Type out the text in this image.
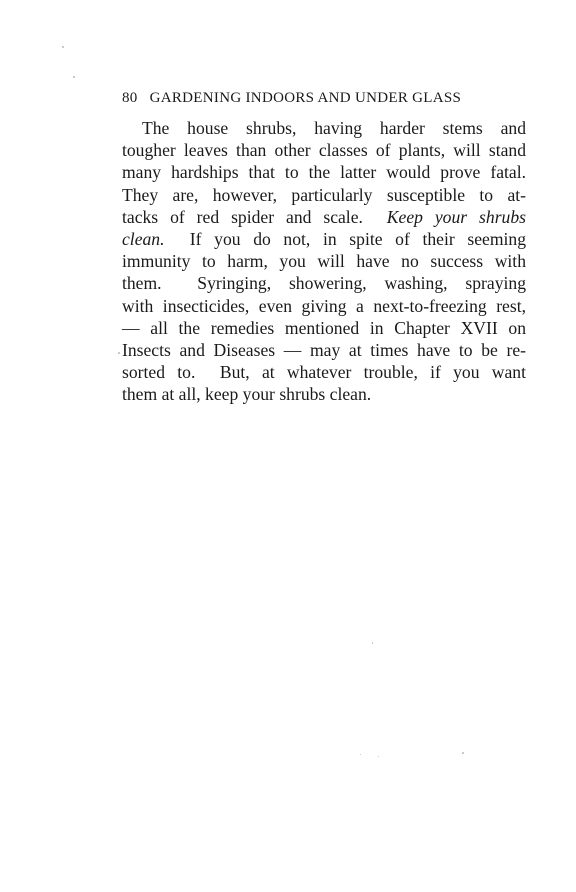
80 GARDENING INDOORS AND UNDER GLASS
The house shrubs, having harder stems and
tougher leaves than other classes of plants, will stand
many hardships that to the latter would prove fatal.
They are, however, particularly susceptible to at-
tacks of red spider and scale.  Keep your shrubs
clean.  If you do not, in spite of their seeming
immunity to harm, you will have no success with
them.  Syringing, showering, washing, spraying
with insecticides, even giving a next-to-freezing rest,
— all the remedies mentioned in Chapter XVII on
Insects and Diseases — may at times have to be re-
sorted to.  But, at whatever trouble, if you want
them at all, keep your shrubs clean.
